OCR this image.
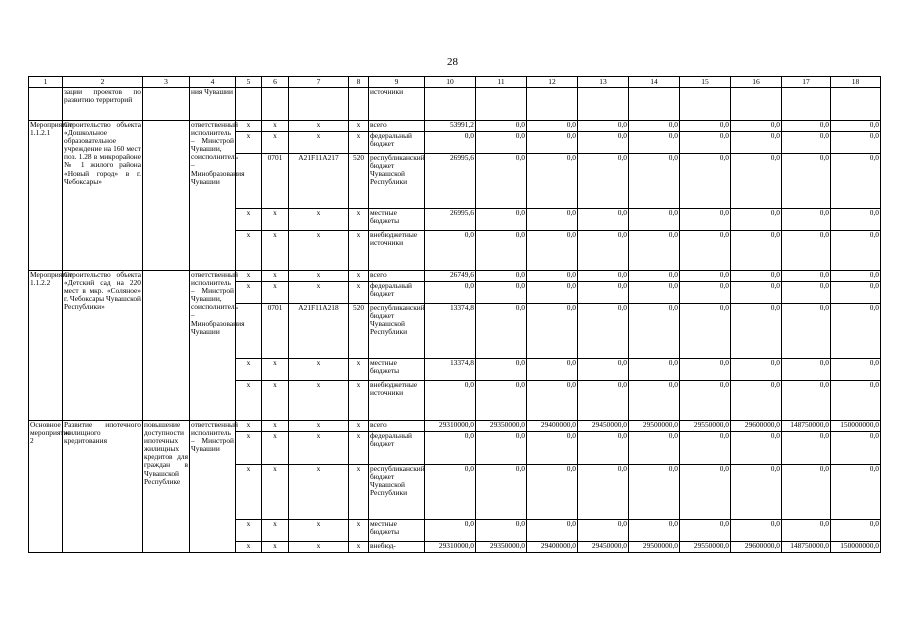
28
1	2	3	4	5	6	7	8	9	10	11	12	13	14	15	16	17	18
	зации проектов по развитию территорий		ния Чувашии					источники									
Мероприятие 1.1.2.1	Строительство объекта «Дошкольное образовательное учреждение на 160 мест поз. 1.28 в микрорайоне № 1 жилого района «Новый город» в г. Чебоксары»		ответственный исполнитель – Минстрой Чувашии, соисполнитель – Минобразования Чувашии	x	x	x	x	всего	53991,2	0,0	0,0	0,0	0,0	0,0	0,0	0,0	0,0
				x	x	x	x	федеральный бюджет	0,0	0,0	0,0	0,0	0,0	0,0	0,0	0,0	0,0
					0701	A21F11A217	520	республиканский бюджет Чувашской Республики	26995,6	0,0	0,0	0,0	0,0	0,0	0,0	0,0	0,0
				x	x	x	x	местные бюджеты	26995,6	0,0	0,0	0,0	0,0	0,0	0,0	0,0	0,0
				x	x	x	x	внебюджетные источники	0,0	0,0	0,0	0,0	0,0	0,0	0,0	0,0	0,0
Мероприятие 1.1.2.2	Строительство объекта «Детский сад на 220 мест в мкр. «Соляное» г. Чебоксары Чувашской Республики»		ответственный исполнитель – Минстрой Чувашии, соисполнитель – Минобразования Чувашии	x	x	x	x	всего	26749,6	0,0	0,0	0,0	0,0	0,0	0,0	0,0	0,0
				x	x	x	x	федеральный бюджет	0,0	0,0	0,0	0,0	0,0	0,0	0,0	0,0	0,0
					0701	A21F11A218	520	республиканский бюджет Чувашской Республики	13374,8	0,0	0,0	0,0	0,0	0,0	0,0	0,0	0,0
				x	x	x	x	местные бюджеты	13374,8	0,0	0,0	0,0	0,0	0,0	0,0	0,0	0,0
				x	x	x	x	внебюджетные источники	0,0	0,0	0,0	0,0	0,0	0,0	0,0	0,0	0,0
Основное мероприятие 2	Развитие ипотечного жилищного кредитования	повышение доступности ипотечных жилищных кредитов для граждан в Чувашской Республике	ответственный исполнитель – Минстрой Чувашии	x	x	x	x	всего	29310000,0	29350000,0	29400000,0	29450000,0	29500000,0	29550000,0	29600000,0	148750000,0	150000000,0
				x	x	x	x	федеральный бюджет	0,0	0,0	0,0	0,0	0,0	0,0	0,0	0,0	0,0
				x	x	x	x	республиканский бюджет Чувашской Республики	0,0	0,0	0,0	0,0	0,0	0,0	0,0	0,0	0,0
				x	x	x	x	местные бюджеты	0,0	0,0	0,0	0,0	0,0	0,0	0,0	0,0	0,0
				x	x	x	x	внебюд-	29310000,0	29350000,0	29400000,0	29450000,0	29500000,0	29550000,0	29600000,0	148750000,0	150000000,0
